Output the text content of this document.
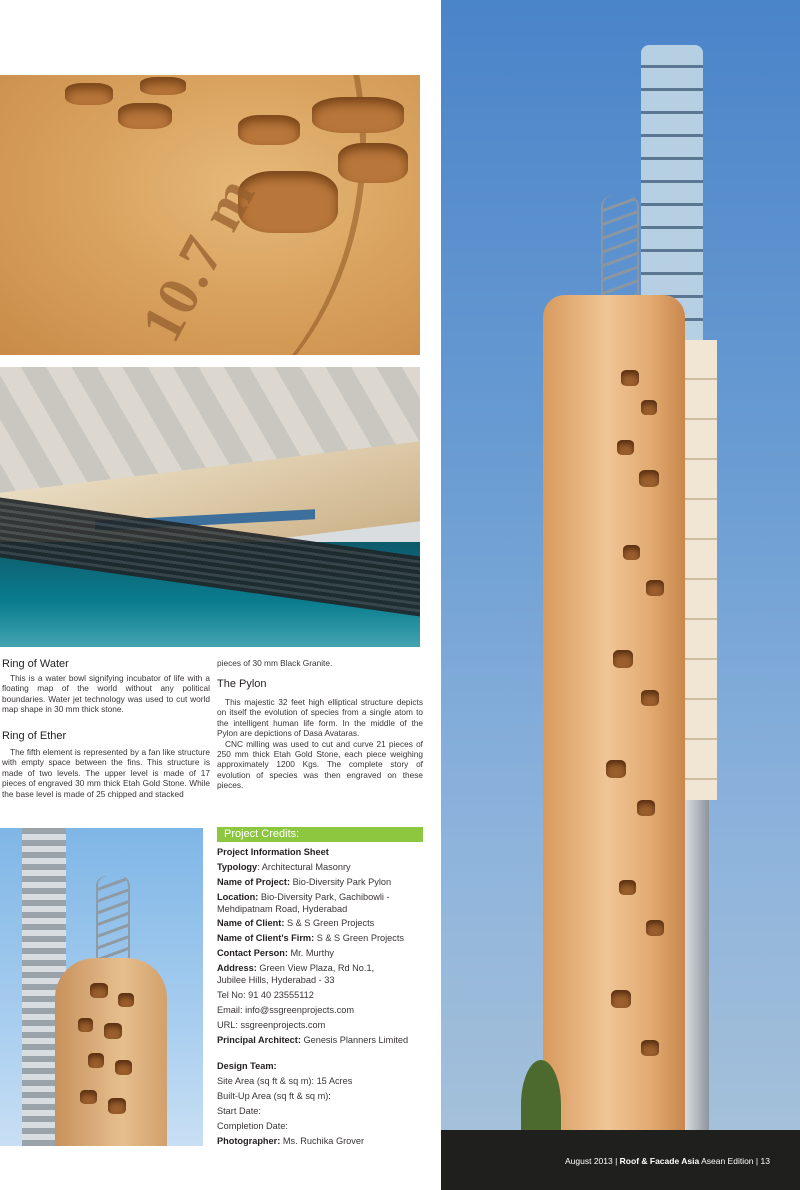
10.7 m
Ring of Water

This is a water bowl signifying incubator of life with a floating map of the world without any political boundaries. Water jet technology was used to cut world map shape in 30 mm thick stone.

Ring of Ether

The fifth element is represented by a fan like structure with empty space between the fins. This structure is made of two levels. The upper level is made of 17 pieces of engraved 30 mm thick Etah Gold Stone. While the base level is made of 25 chipped and stacked

pieces of 30 mm Black Granite.

The Pylon

This majestic 32 feet high elliptical structure depicts on itself the evolution of species from a single atom to the intelligent human life form. In the middle of the Pylon are depictions of Dasa Avataras.

CNC milling was used to cut and curve 21 pieces of 250 mm thick Etah Gold Stone, each piece weighing approximately 1200 Kgs. The complete story of evolution of species was then engraved on these pieces.

Project Credits:
Project Information Sheet
Typology: Architectural Masonry
Name of Project: Bio-Diversity Park Pylon
Location: Bio-Diversity Park, Gachibowli - Mehdipatnam Road, Hyderabad
Name of Client: S & S Green Projects
Name of Client's Firm: S & S Green Projects
Contact Person: Mr. Murthy
Address: Green View Plaza, Rd No.1, Jubilee Hills, Hyderabad - 33
Tel No: 91 40 23555112
Email: info@ssgreenprojects.com
URL: ssgreenprojects.com
Principal Architect: Genesis Planners Limited
Design Team:
Site Area (sq ft & sq m): 15 Acres
Built-Up Area (sq ft & sq m):
Start Date:
Completion Date:
Photographer: Ms. Ruchika Grover
August 2013 | Roof & Facade Asia Asean Edition | 13
